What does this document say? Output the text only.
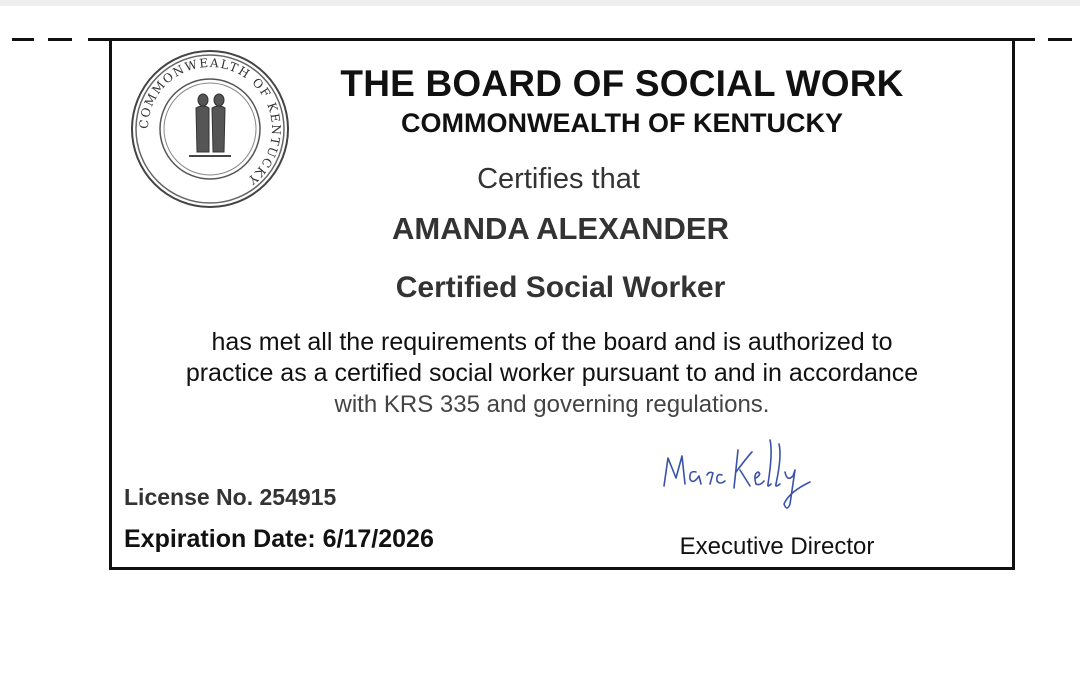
COMMONWEALTH OF KENTUCKY
THE BOARD OF SOCIAL WORK
COMMONWEALTH OF KENTUCKY
Certifies that
AMANDA ALEXANDER
Certified Social Worker
has met all the requirements of the board and is authorized to
practice as a certified social worker pursuant to and in accordance
with KRS 335 and governing regulations.
License No. 254915
Expiration Date: 6/17/2026	Executive Director
